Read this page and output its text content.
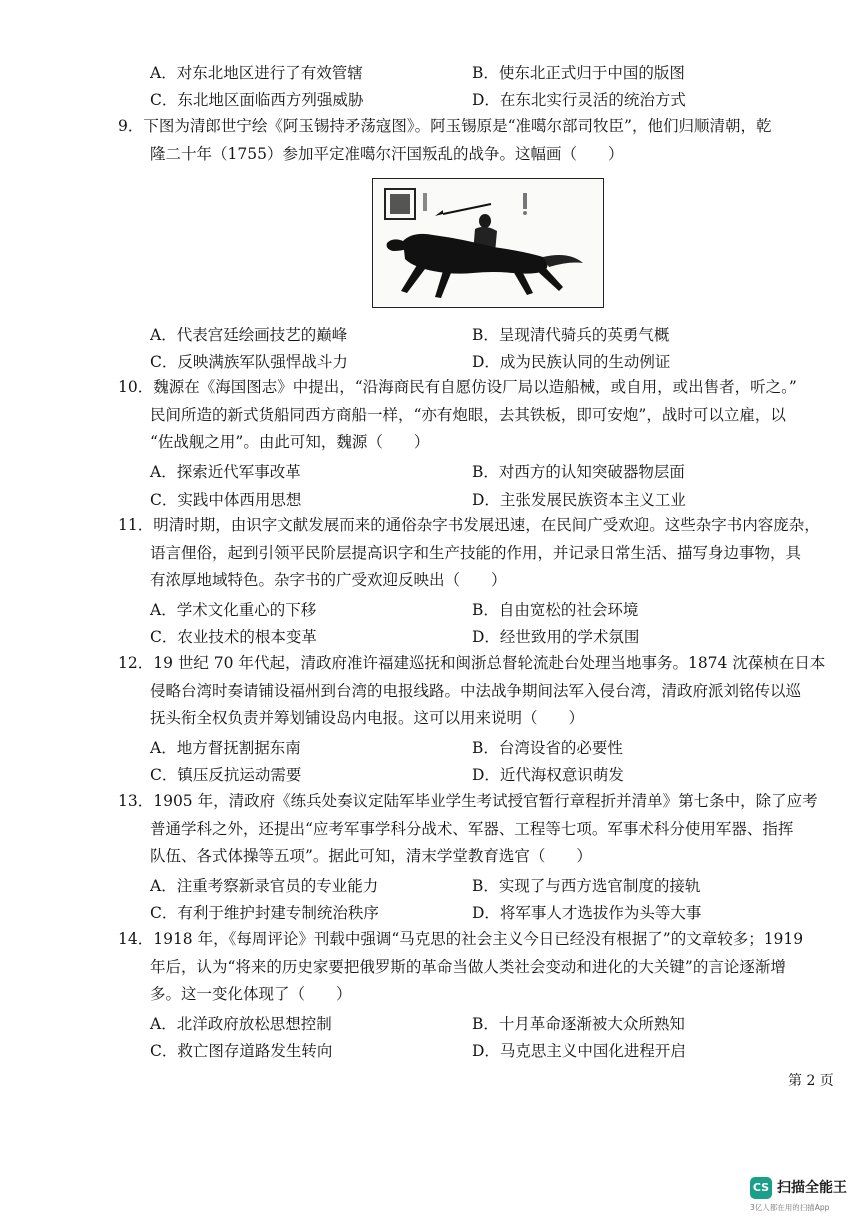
A．对东北地区进行了有效管辖	B．使东北正式归于中国的版图
C．东北地区面临西方列强威胁	D．在东北实行灵活的统治方式
9．下图为清郎世宁绘《阿玉锡持矛荡寇图》。阿玉锡原是“准噶尔部司牧臣”，他们归顺清朝，乾
隆二十年（1755）参加平定准噶尔汗国叛乱的战争。这幅画（　　）
A．代表宫廷绘画技艺的巅峰	B．呈现清代骑兵的英勇气概
C．反映满族军队强悍战斗力	D．成为民族认同的生动例证
10．魏源在《海国图志》中提出，“沿海商民有自愿仿设厂局以造船械，或自用，或出售者，听之。”
民间所造的新式货船同西方商船一样，“亦有炮眼，去其铁板，即可安炮”，战时可以立雇，以
“佐战舰之用”。由此可知，魏源（　　）
A．探索近代军事改革	B．对西方的认知突破器物层面
C．实践中体西用思想	D．主张发展民族资本主义工业
11．明清时期，由识字文献发展而来的通俗杂字书发展迅速，在民间广受欢迎。这些杂字书内容庞杂，
语言俚俗，起到引领平民阶层提高识字和生产技能的作用，并记录日常生活、描写身边事物，具
有浓厚地域特色。杂字书的广受欢迎反映出（　　）
A．学术文化重心的下移	B．自由宽松的社会环境
C．农业技术的根本变革	D．经世致用的学术氛围
12．19 世纪 70 年代起，清政府准许福建巡抚和闽浙总督轮流赴台处理当地事务。1874 沈葆桢在日本
侵略台湾时奏请铺设福州到台湾的电报线路。中法战争期间法军入侵台湾，清政府派刘铭传以巡
抚头衔全权负责并筹划铺设岛内电报。这可以用来说明（　　）
A．地方督抚割据东南	B．台湾设省的必要性
C．镇压反抗运动需要	D．近代海权意识萌发
13．1905 年，清政府《练兵处奏议定陆军毕业学生考试授官暂行章程折并清单》第七条中，除了应考
普通学科之外，还提出“应考军事学科分战术、军器、工程等七项。军事术科分使用军器、指挥
队伍、各式体操等五项”。据此可知，清末学堂教育选官（　　）
A．注重考察新录官员的专业能力	B．实现了与西方选官制度的接轨
C．有利于维护封建专制统治秩序	D．将军事人才选拔作为头等大事
14．1918 年，《每周评论》刊载中强调“马克思的社会主义今日已经没有根据了”的文章较多；1919
年后，认为“将来的历史家要把俄罗斯的革命当做人类社会变动和进化的大关键”的言论逐渐增
多。这一变化体现了（　　）
A．北洋政府放松思想控制	B．十月革命逐渐被大众所熟知
C．救亡图存道路发生转向	D．马克思主义中国化进程开启
第 2 页
CS 扫描全能王
3亿人都在用的扫描App
